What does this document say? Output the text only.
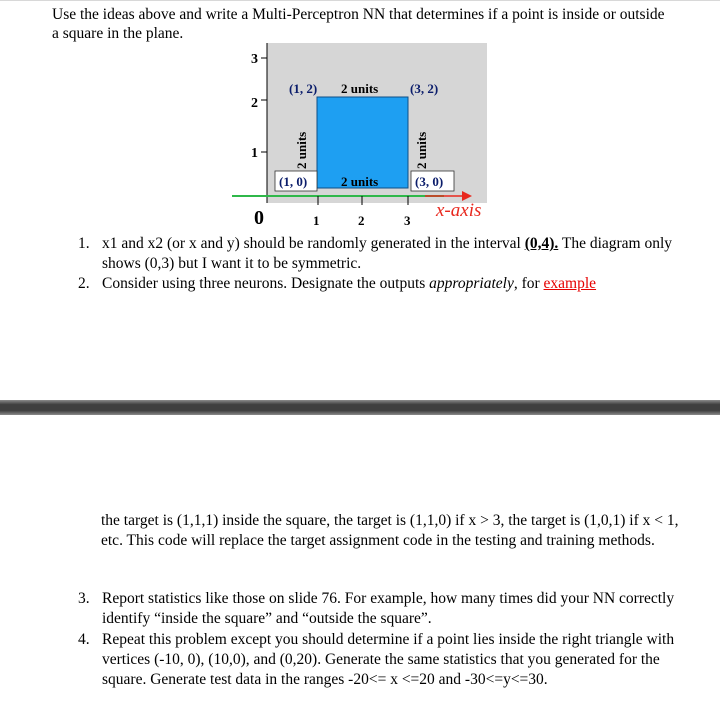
Use the ideas above and write a Multi-Perceptron NN that determines if a point is inside or outside a square in the plane.
3
2
1
1	2	3
0	x-axis
(1, 2)	(3, 2)
(1, 0)	(3, 0)
2 units
2 units
2 units	2 units
1. x1 and x2 (or x and y) should be randomly generated in the interval (0,4). The diagram only shows (0,3) but I want it to be symmetric.
2. Consider using three neurons. Designate the outputs appropriately, for example
the target is (1,1,1) inside the square, the target is (1,1,0) if x > 3, the target is (1,0,1) if x < 1, etc. This code will replace the target assignment code in the testing and training methods.
3. Report statistics like those on slide 76. For example, how many times did your NN correctly identify “inside the square” and “outside the square”.
4. Repeat this problem except you should determine if a point lies inside the right triangle with vertices (-10, 0), (10,0), and (0,20). Generate the same statistics that you generated for the square. Generate test data in the ranges -20<= x <=20 and -30<=y<=30.
